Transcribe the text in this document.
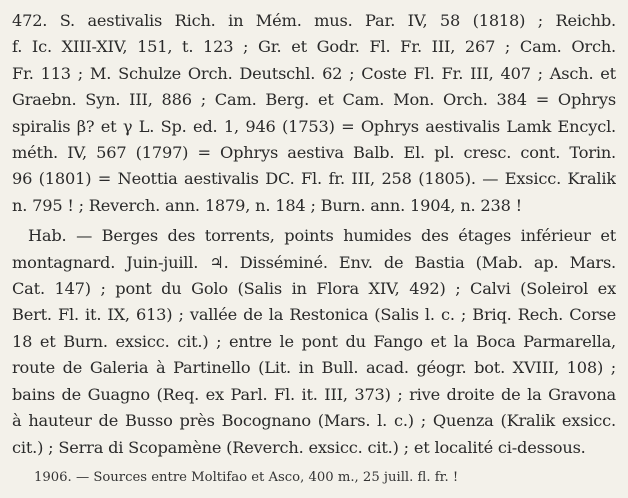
472. S. aestivalis Rich. in Mém. mus. Par. IV, 58 (1818) ; Reichb.
f. Ic. XIII-XIV, 151, t. 123 ; Gr. et Godr. Fl. Fr. III, 267 ; Cam. Orch.
Fr. 113 ; M. Schulze Orch. Deutschl. 62 ; Coste Fl. Fr. III, 407 ; Asch. et
Graebn. Syn. III, 886 ; Cam. Berg. et Cam. Mon. Orch. 384 = Ophrys
spiralis β? et γ L. Sp. ed. 1, 946 (1753) = Ophrys aestivalis Lamk Encycl.
méth. IV, 567 (1797) = Ophrys aestiva Balb. El. pl. cresc. cont. Torin.
96 (1801) = Neottia aestivalis DC. Fl. fr. III, 258 (1805). — Exsicc. Kralik
n. 795 ! ; Reverch. ann. 1879, n. 184 ; Burn. ann. 1904, n. 238 !
Hab. — Berges des torrents, points humides des étages inférieur et
montagnard. Juin-juill. ♃. Disséminé. Env. de Bastia (Mab. ap. Mars.
Cat. 147) ; pont du Golo (Salis in Flora XIV, 492) ; Calvi (Soleirol ex
Bert. Fl. it. IX, 613) ; vallée de la Restonica (Salis l. c. ; Briq. Rech. Corse
18 et Burn. exsicc. cit.) ; entre le pont du Fango et la Boca Parmarella,
route de Galeria à Partinello (Lit. in Bull. acad. géogr. bot. XVIII, 108) ;
bains de Guagno (Req. ex Parl. Fl. it. III, 373) ; rive droite de la Gravona
à hauteur de Busso près Bocognano (Mars. l. c.) ; Quenza (Kralik exsicc.
cit.) ; Serra di Scopamène (Reverch. exsicc. cit.) ; et localité ci-dessous.
1906. — Sources entre Moltifao et Asco, 400 m., 25 juill. fl. fr. !
